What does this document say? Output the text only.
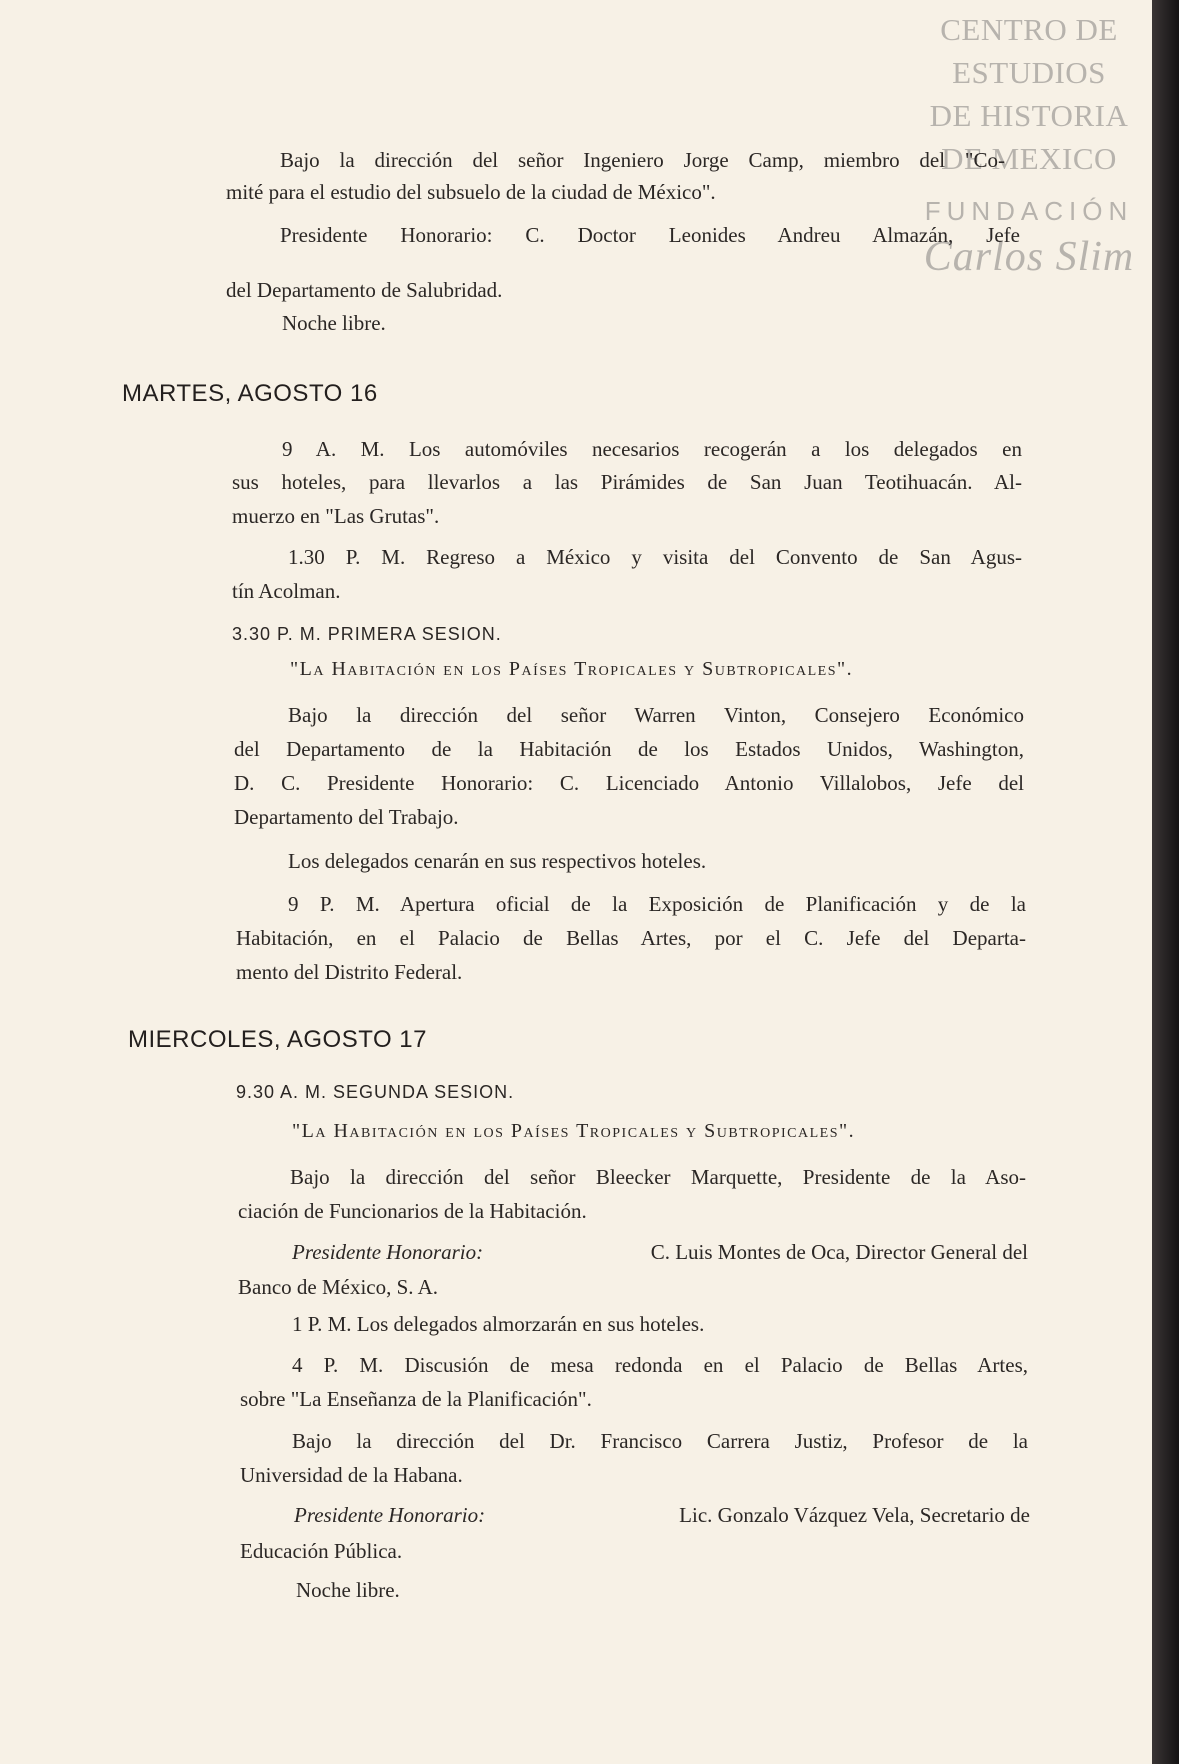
CENTRO DE
ESTUDIOS
DE HISTORIA
DE MEXICO
FUNDACIÓN
Carlos Slim
Bajo la dirección del señor Ingeniero Jorge Camp, miembro del "Co-
mité para el estudio del subsuelo de la ciudad de México".
Presidente Honorario: C. Doctor Leonides Andreu Almazán, Jefe
del Departamento de Salubridad.
Noche libre.
MARTES, AGOSTO 16
9 A. M. Los automóviles necesarios recogerán a los delegados en
sus hoteles, para llevarlos a las Pirámides de San Juan Teotihuacán. Al-
muerzo en "Las Grutas".
1.30 P. M. Regreso a México y visita del Convento de San Agus-
tín Acolman.
3.30 P. M. PRIMERA SESION.
"La Habitación en los Países Tropicales y Subtropicales".
Bajo la dirección del señor Warren Vinton, Consejero Económico
del Departamento de la Habitación de los Estados Unidos, Washington,
D. C. Presidente Honorario: C. Licenciado Antonio Villalobos, Jefe del
Departamento del Trabajo.
Los delegados cenarán en sus respectivos hoteles.
9 P. M. Apertura oficial de la Exposición de Planificación y de la
Habitación, en el Palacio de Bellas Artes, por el C. Jefe del Departa-
mento del Distrito Federal.
MIERCOLES, AGOSTO 17
9.30 A. M. SEGUNDA SESION.
"La Habitación en los Países Tropicales y Subtropicales".
Bajo la dirección del señor Bleecker Marquette, Presidente de la Aso-
ciación de Funcionarios de la Habitación.
Presidente Honorario:	C. Luis Montes de Oca, Director General del
Banco de México, S. A.
1 P. M. Los delegados almorzarán en sus hoteles.
4 P. M. Discusión de mesa redonda en el Palacio de Bellas Artes,
sobre "La Enseñanza de la Planificación".
Bajo la dirección del Dr. Francisco Carrera Justiz, Profesor de la
Universidad de la Habana.
Presidente Honorario:	Lic. Gonzalo Vázquez Vela, Secretario de
Educación Pública.
Noche libre.
